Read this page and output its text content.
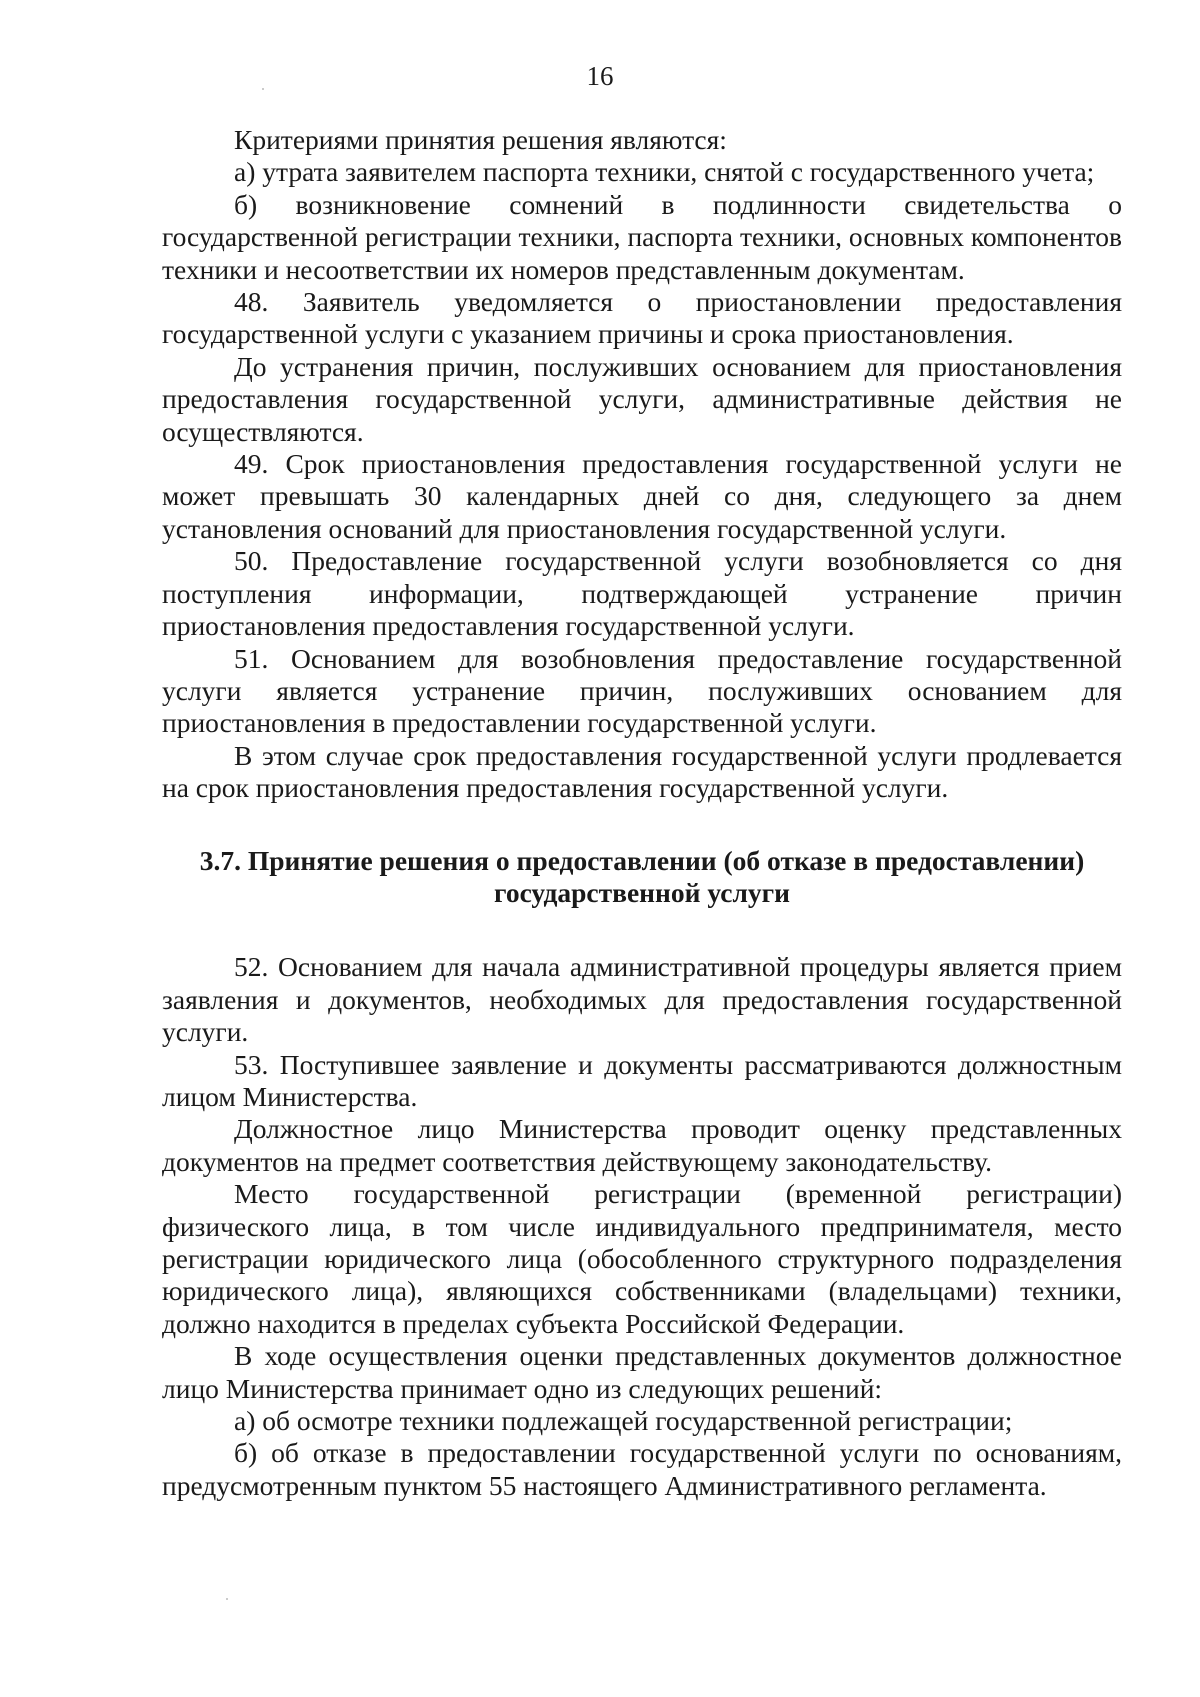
16

Критериями принятия решения являются:

а) утрата заявителем паспорта техники, снятой с государственного учета;

б) возникновение сомнений в подлинности свидетельства о государственной регистрации техники, паспорта техники, основных компонентов техники и несоответствии их номеров представленным документам.

48. Заявитель уведомляется о приостановлении предоставления государственной услуги с указанием причины и срока приостановления.

До устранения причин, послуживших основанием для приостановления предоставления государственной услуги, административные действия не осуществляются.

49. Срок приостановления предоставления государственной услуги не может превышать 30 календарных дней со дня, следующего за днем установления оснований для приостановления государственной услуги.

50. Предоставление государственной услуги возобновляется со дня поступления информации, подтверждающей устранение причин приостановления предоставления государственной услуги.

51. Основанием для возобновления предоставление государственной услуги является устранение причин, послуживших основанием для приостановления в предоставлении государственной услуги.

В этом случае срок предоставления государственной услуги продлевается на срок приостановления предоставления государственной услуги.

3.7. Принятие решения о предоставлении (об отказе в предоставлении)
государственной услуги

52. Основанием для начала административной процедуры является прием заявления и документов, необходимых для предоставления государственной услуги.

53. Поступившее заявление и документы рассматриваются должностным лицом Министерства.

Должностное лицо Министерства проводит оценку представленных документов на предмет соответствия действующему законодательству.

Место государственной регистрации (временной регистрации) физического лица, в том числе индивидуального предпринимателя, место регистрации юридического лица (обособленного структурного подразделения юридического лица), являющихся собственниками (владельцами) техники, должно находится в пределах субъекта Российской Федерации.

В ходе осуществления оценки представленных документов должностное лицо Министерства принимает одно из следующих решений:

а) об осмотре техники подлежащей государственной регистрации;

б) об отказе в предоставлении государственной услуги по основаниям, предусмотренным пунктом 55 настоящего Административного регламента.
